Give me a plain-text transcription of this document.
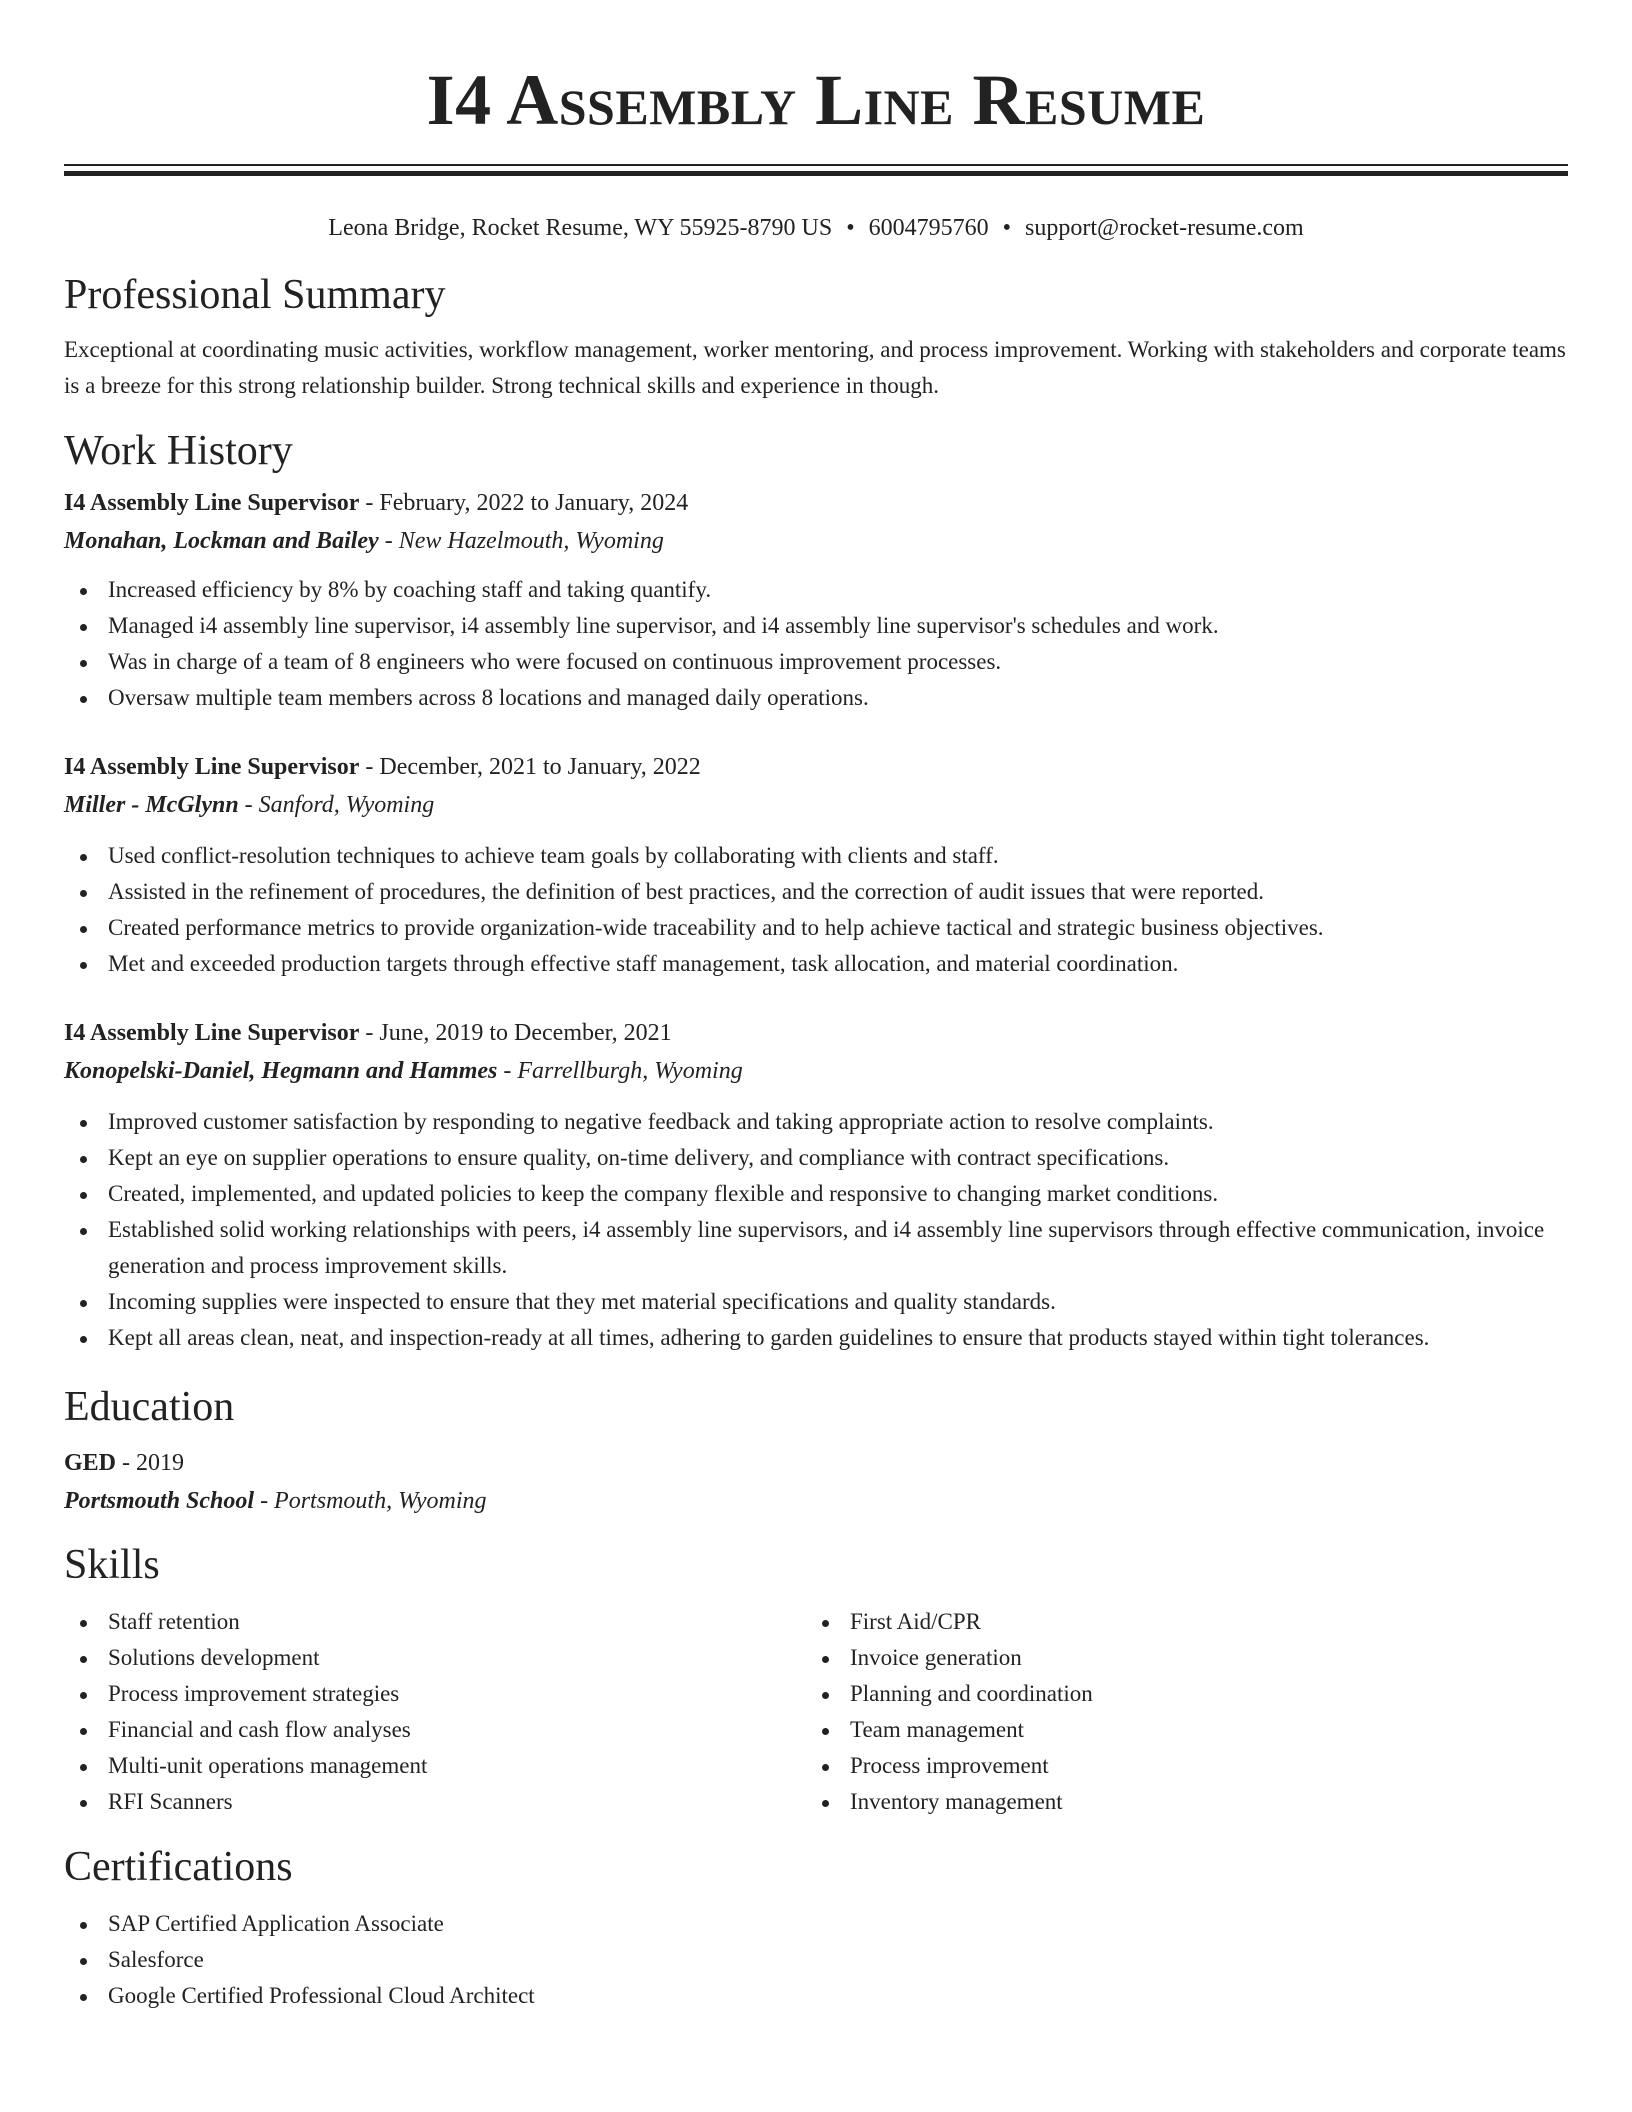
I4 Assembly Line Resume
Leona Bridge, Rocket Resume, WY 55925-8790 US • 6004795760 • support@rocket-resume.com
Professional Summary

Exceptional at coordinating music activities, workflow management, worker mentoring, and process improvement. Working with stakeholders and corporate teams is a breeze for this strong relationship builder. Strong technical skills and experience in though.

Work History
I4 Assembly Line Supervisor - February, 2022 to January, 2024
Monahan, Lockman and Bailey - New Hazelmouth, Wyoming
Increased efficiency by 8% by coaching staff and taking quantify.
Managed i4 assembly line supervisor, i4 assembly line supervisor, and i4 assembly line supervisor's schedules and work.
Was in charge of a team of 8 engineers who were focused on continuous improvement processes.
Oversaw multiple team members across 8 locations and managed daily operations.
I4 Assembly Line Supervisor - December, 2021 to January, 2022
Miller - McGlynn - Sanford, Wyoming
Used conflict-resolution techniques to achieve team goals by collaborating with clients and staff.
Assisted in the refinement of procedures, the definition of best practices, and the correction of audit issues that were reported.
Created performance metrics to provide organization-wide traceability and to help achieve tactical and strategic business objectives.
Met and exceeded production targets through effective staff management, task allocation, and material coordination.
I4 Assembly Line Supervisor - June, 2019 to December, 2021
Konopelski-Daniel, Hegmann and Hammes - Farrellburgh, Wyoming
Improved customer satisfaction by responding to negative feedback and taking appropriate action to resolve complaints.
Kept an eye on supplier operations to ensure quality, on-time delivery, and compliance with contract specifications.
Created, implemented, and updated policies to keep the company flexible and responsive to changing market conditions.
Established solid working relationships with peers, i4 assembly line supervisors, and i4 assembly line supervisors through effective communication, invoice generation and process improvement skills.
Incoming supplies were inspected to ensure that they met material specifications and quality standards.
Kept all areas clean, neat, and inspection-ready at all times, adhering to garden guidelines to ensure that products stayed within tight tolerances.
Education
GED - 2019
Portsmouth School - Portsmouth, Wyoming
Skills
Staff retention
Solutions development
Process improvement strategies
Financial and cash flow analyses
Multi-unit operations management
RFI Scanners
First Aid/CPR
Invoice generation
Planning and coordination
Team management
Process improvement
Inventory management
Certifications
SAP Certified Application Associate
Salesforce
Google Certified Professional Cloud Architect
